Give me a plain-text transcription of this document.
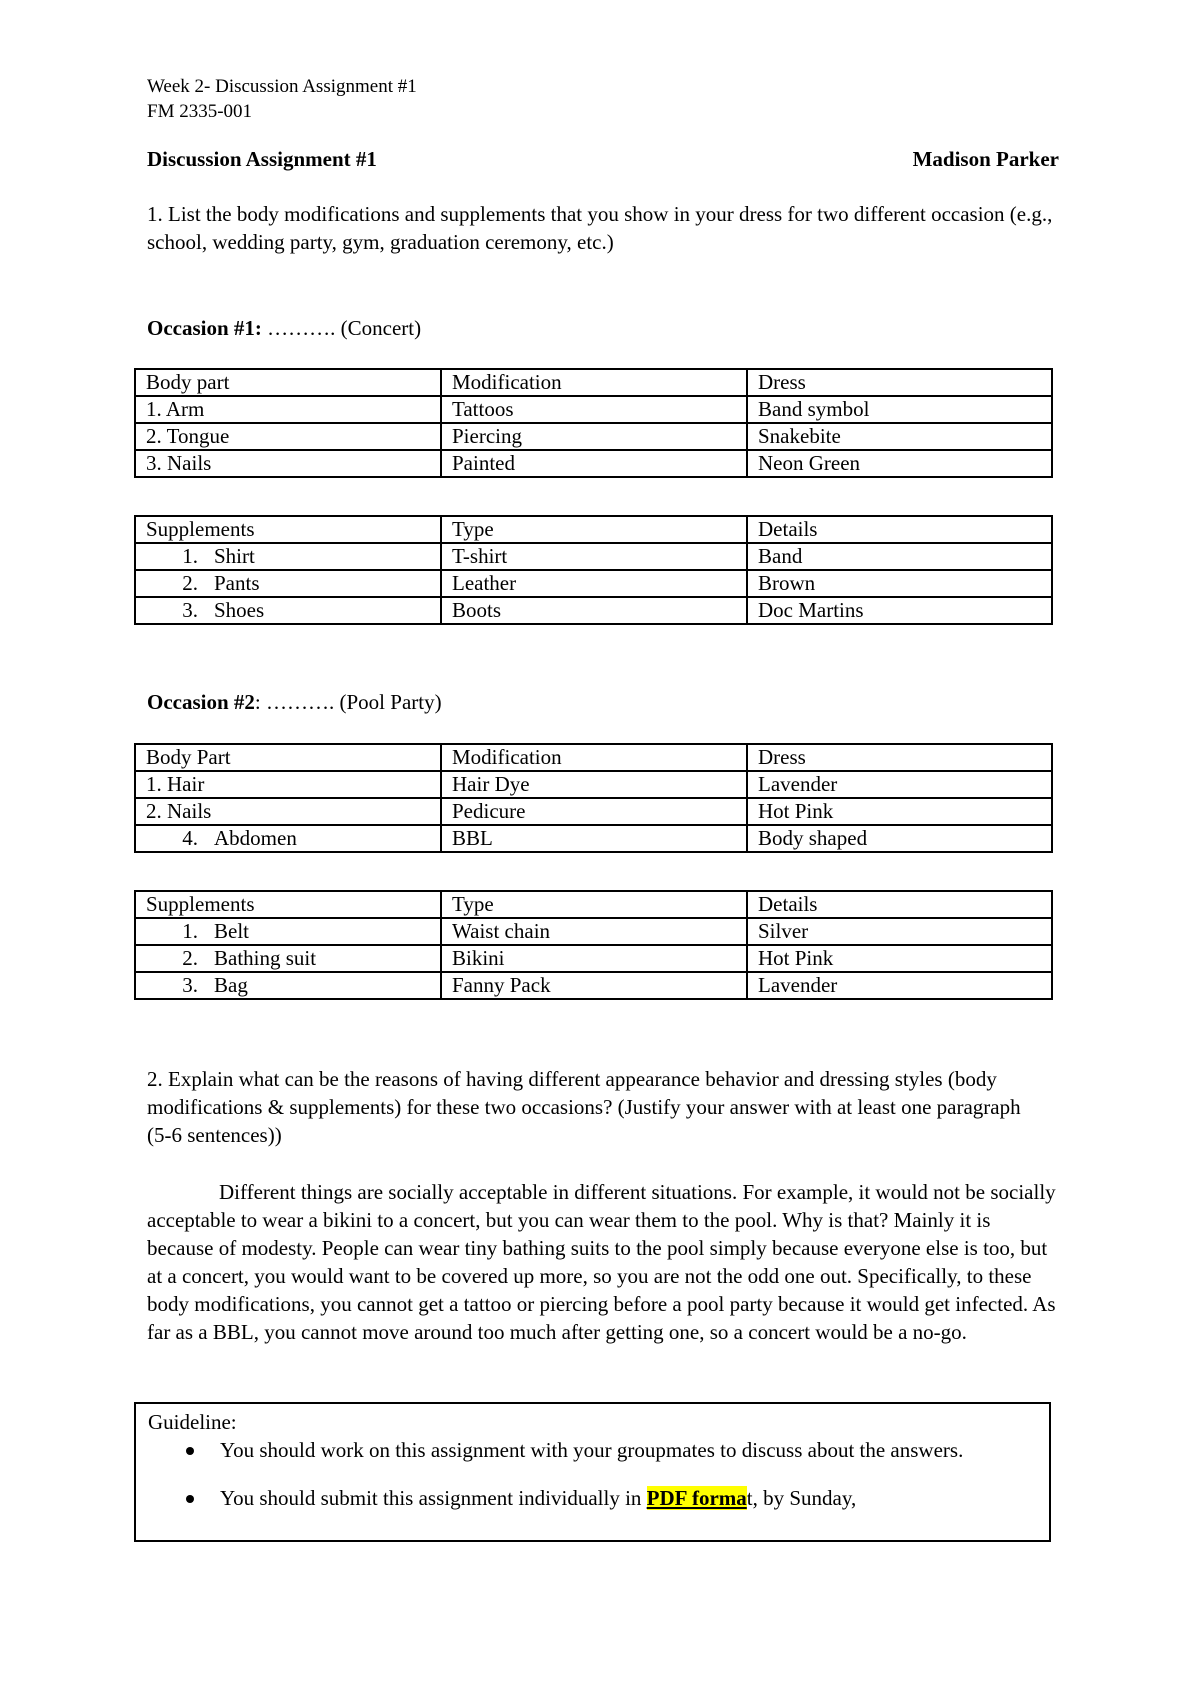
Week 2- Discussion Assignment #1
FM 2335-001
Discussion Assignment #1	Madison Parker
1. List the body modifications and supplements that you show in your dress for two different occasion (e.g., school, wedding party, gym, graduation ceremony, etc.)
Occasion #1: ………. (Concert)
Body part	Modification	Dress
1. Arm	Tattoos	Band symbol
2. Tongue	Piercing	Snakebite
3. Nails	Painted	Neon Green
Supplements	Type	Details
1. Shirt	T-shirt	Band
2. Pants	Leather	Brown
3. Shoes	Boots	Doc Martins
Occasion #2: ………. (Pool Party)
Body Part	Modification	Dress
1. Hair	Hair Dye	Lavender
2. Nails	Pedicure	Hot Pink
4. Abdomen	BBL	Body shaped
Supplements	Type	Details
1. Belt	Waist chain	Silver
2. Bathing suit	Bikini	Hot Pink
3. Bag	Fanny Pack	Lavender
2. Explain what can be the reasons of having different appearance behavior and dressing styles (body modifications & supplements) for these two occasions? (Justify your answer with at least one paragraph (5-6 sentences))
Different things are socially acceptable in different situations. For example, it would not be socially acceptable to wear a bikini to a concert, but you can wear them to the pool. Why is that? Mainly it is because of modesty. People can wear tiny bathing suits to the pool simply because everyone else is too, but at a concert, you would want to be covered up more, so you are not the odd one out. Specifically, to these body modifications, you cannot get a tattoo or piercing before a pool party because it would get infected. As far as a BBL, you cannot move around too much after getting one, so a concert would be a no-go.
Guideline:
You should work on this assignment with your groupmates to discuss about the answers.
You should submit this assignment individually in PDF format, by Sunday,
